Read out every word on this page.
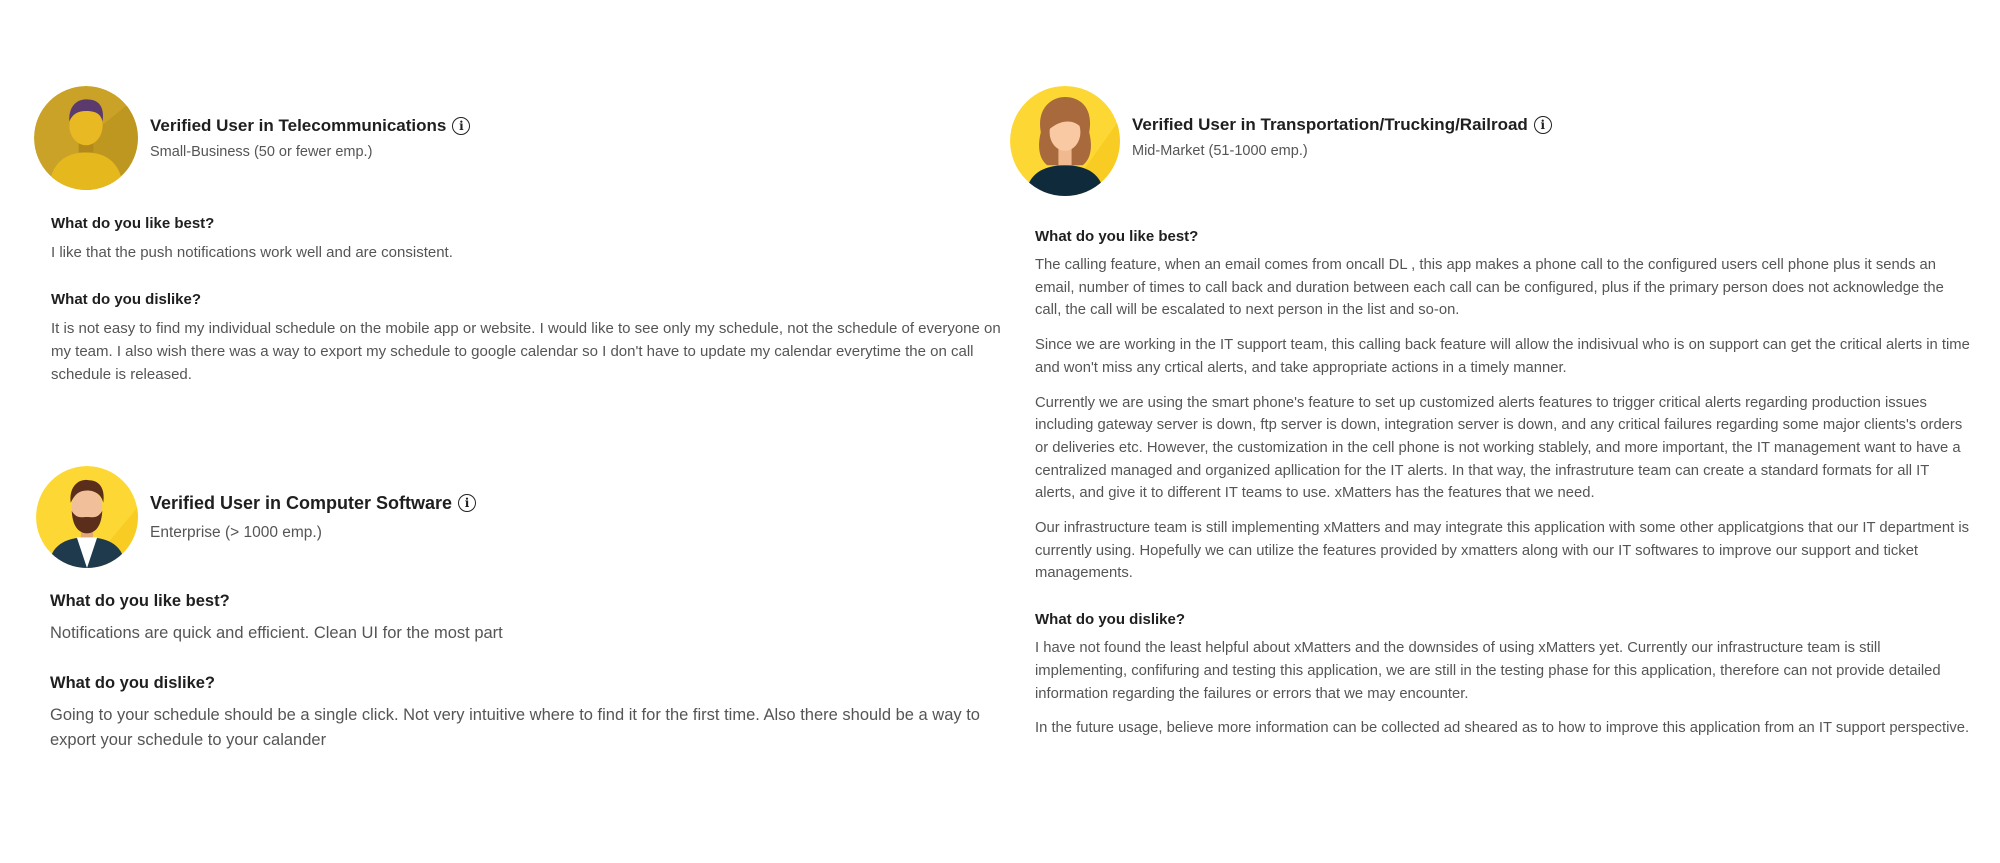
Verified User in Telecommunications	i
Small-Business (50 or fewer emp.)
What do you like best?

I like that the push notifications work well and are consistent.

What do you dislike?

It is not easy to find my individual schedule on the mobile app or website. I would like to see only my schedule, not the schedule of everyone on my team. I also wish there was a way to export my schedule to google calendar so I don't have to update my calendar everytime the on call schedule is released.

Verified User in Computer Software	i
Enterprise (> 1000 emp.)
What do you like best?

Notifications are quick and efficient. Clean UI for the most part

What do you dislike?

Going to your schedule should be a single click. Not very intuitive where to find it for the first time. Also there should be a way to export your schedule to your calander

Verified User in Transportation/Trucking/Railroad	i
Mid-Market (51-1000 emp.)
What do you like best?

The calling feature, when an email comes from oncall DL , this app makes a phone call to the configured users cell phone plus it sends an email, number of times to call back and duration between each call can be configured, plus if the primary person does not acknowledge the call, the call will be escalated to next person in the list and so-on.

Since we are working in the IT support team, this calling back feature will allow the indisivual who is on support can get the critical alerts in time and won't miss any crtical alerts, and take appropriate actions in a timely manner.

Currently we are using the smart phone's feature to set up customized alerts features to trigger critical alerts regarding production issues including gateway server is down, ftp server is down, integration server is down, and any critical failures regarding some major clients's orders or deliveries etc. However, the customization in the cell phone is not working stablely, and more important, the IT management want to have a centralized managed and organized apllication for the IT alerts. In that way, the infrastruture team can create a standard formats for all IT alerts, and give it to different IT teams to use. xMatters has the features that we need.

Our infrastructure team is still implementing xMatters and may integrate this application with some other applicatgions that our IT department is currently using. Hopefully we can utilize the features provided by xmatters along with our IT softwares to improve our support and ticket managements.

What do you dislike?

I have not found the least helpful about xMatters and the downsides of using xMatters yet. Currently our infrastructure team is still implementing, confifuring and testing this application, we are still in the testing phase for this application, therefore can not provide detailed information regarding the failures or errors that we may encounter.

In the future usage, believe more information can be collected ad sheared as to how to improve this application from an IT support perspective.
